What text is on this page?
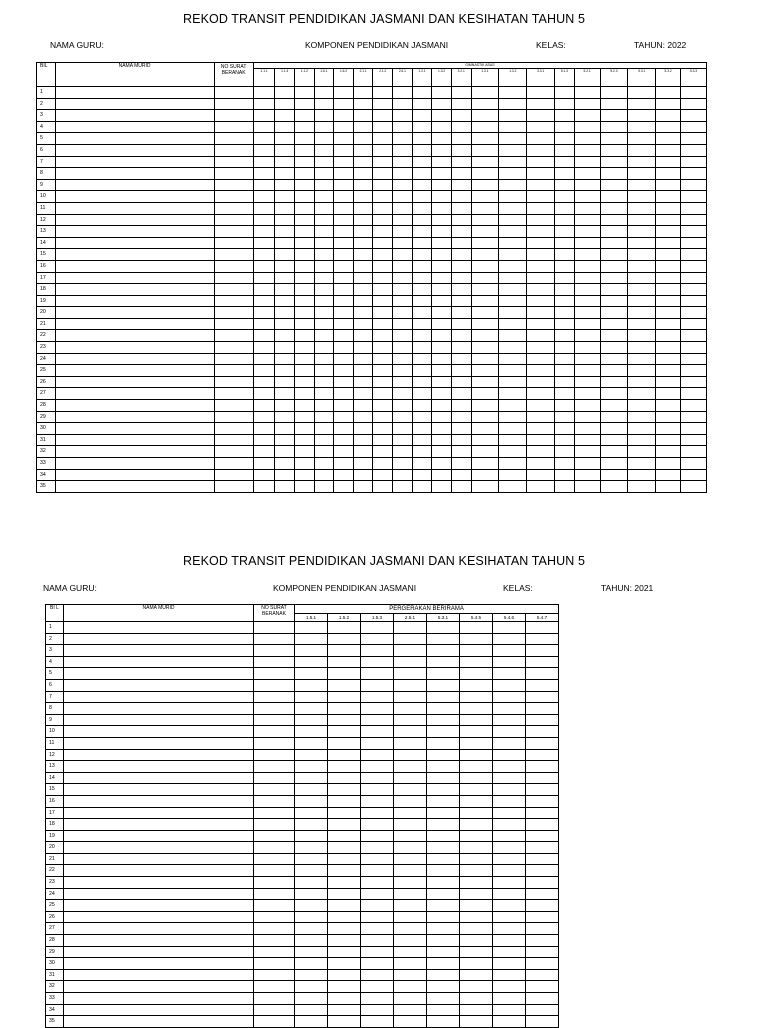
REKOD TRANSIT PENDIDIKAN JASMANI DAN KESIHATAN TAHUN 5
NAMA GURU:	KOMPONEN PENDIDIKAN JASMANI	KELAS:	TAHUN: 2022
BIL	NAMA MURID	NO SURAT BERANAK	GIMNASTIK ASAS																			
			1.1.1	1.1.4	1.1.2	1.6.1	1.6.2	2.1.1	2.1.2	2.6.1	1.2.1	1.3.2	3.2.1	1.3.1	1.3.2	3.3.1	5.1.3	5.2.1	5.2.3	5.3.1	5.3.2	5.3.3
1																						
2																						
3																						
4																						
5																						
6																						
7																						
8																						
9																						
10																						
11																						
12																						
13																						
14																						
15																						
16																						
17																						
18																						
19																						
20																						
21																						
22																						
23																						
24																						
25																						
26																						
27																						
28																						
29																						
30																						
31																						
32																						
33																						
34																						
35																						
REKOD TRANSIT PENDIDIKAN JASMANI DAN KESIHATAN TAHUN 5
NAMA GURU:	KOMPONEN PENDIDIKAN JASMANI	KELAS:	TAHUN: 2021
BI L	NAMA MURID	NO SURAT BERANAK	PERGERAKAN BERIRAMA							
			1.5.1	1.5.2	1.5.3	2.5.1	5.3.1	5.4.5	5.4.6	5.4.7
1										
2										
3										
4										
5										
6										
7										
8										
9										
10										
11										
12										
13										
14										
15										
16										
17										
18										
19										
20										
21										
22										
23										
24										
25										
26										
27										
28										
29										
30										
31										
32										
33										
34										
35										
